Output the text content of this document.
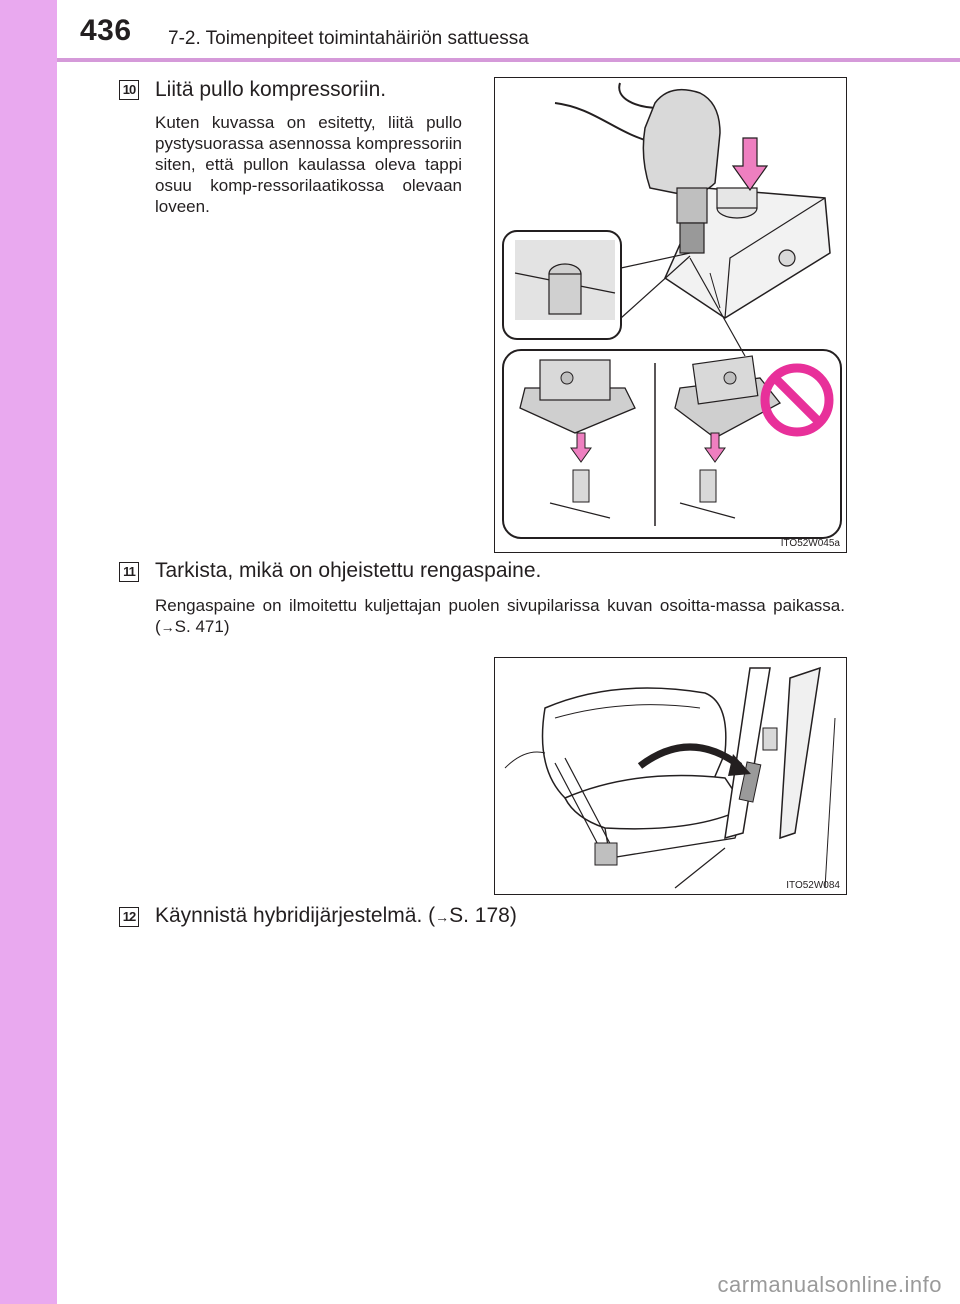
436 7-2. Toimenpiteet toimintahäiriön sattuessa
10 Liitä pullo kompressoriin.
Kuten kuvassa on esitetty, liitä pullo pystysuorassa asennossa kompressoriin siten, että pullon kaulassa oleva tappi osuu komp-ressorilaatikossa olevaan loveen.
ITO52W045a
11 Tarkista, mikä on ohjeistettu rengaspaine.
Rengaspaine on ilmoitettu kuljettajan puolen sivupilarissa kuvan osoitta-massa paikassa. (→S. 471)
ITO52W084
12 Käynnistä hybridijärjestelmä. (→S. 178)
carmanualsonline.info
